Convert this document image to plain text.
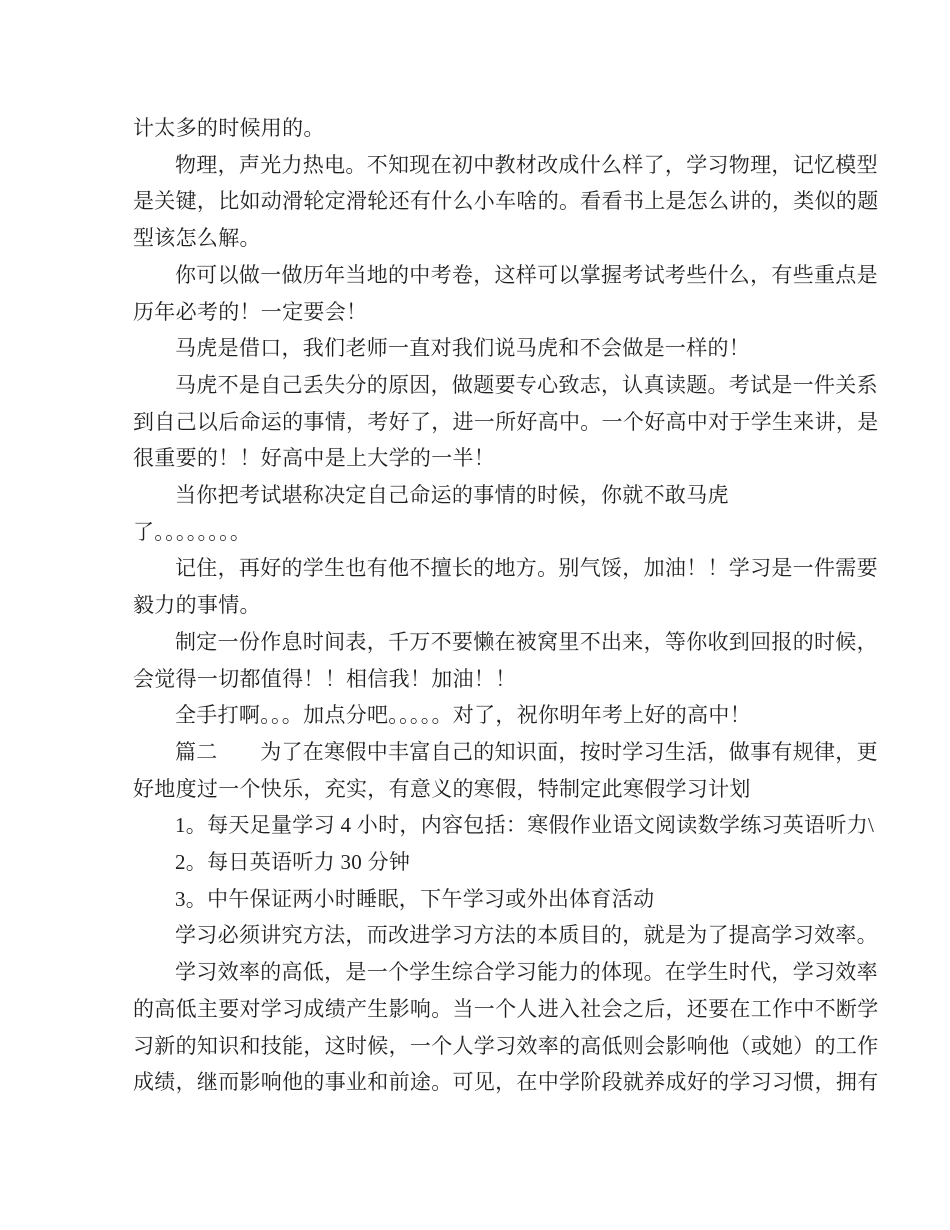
计太多的时候用的。
物理，声光力热电。不知现在初中教材改成什么样了，学习物理，记忆模型
是关键，比如动滑轮定滑轮还有什么小车啥的。看看书上是怎么讲的，类似的题
型该怎么解。
你可以做一做历年当地的中考卷，这样可以掌握考试考些什么，有些重点是
历年必考的！一定要会！
马虎是借口，我们老师一直对我们说马虎和不会做是一样的！
马虎不是自己丢失分的原因，做题要专心致志，认真读题。考试是一件关系
到自己以后命运的事情，考好了，进一所好高中。一个好高中对于学生来讲，是
很重要的！！好高中是上大学的一半！
当你把考试堪称决定自己命运的事情的时候，你就不敢马虎
了。。。。。。。。
记住，再好的学生也有他不擅长的地方。别气馁，加油！！学习是一件需要
毅力的事情。
制定一份作息时间表，千万不要懒在被窝里不出来，等你收到回报的时候，
会觉得一切都值得！！相信我！加油！！
全手打啊。。。加点分吧。。。。。对了，祝你明年考上好的高中！
篇二　　为了在寒假中丰富自己的知识面，按时学习生活，做事有规律，更
好地度过一个快乐，充实，有意义的寒假，特制定此寒假学习计划
1。每天足量学习 4 小时，内容包括：寒假作业语文阅读数学练习英语听力\
2。每日英语听力 30 分钟
3。中午保证两小时睡眠，下午学习或外出体育活动
学习必须讲究方法，而改进学习方法的本质目的，就是为了提高学习效率。
学习效率的高低，是一个学生综合学习能力的体现。在学生时代，学习效率
的高低主要对学习成绩产生影响。当一个人进入社会之后，还要在工作中不断学
习新的知识和技能，这时候，一个人学习效率的高低则会影响他（或她）的工作
成绩，继而影响他的事业和前途。可见，在中学阶段就养成好的学习习惯，拥有
